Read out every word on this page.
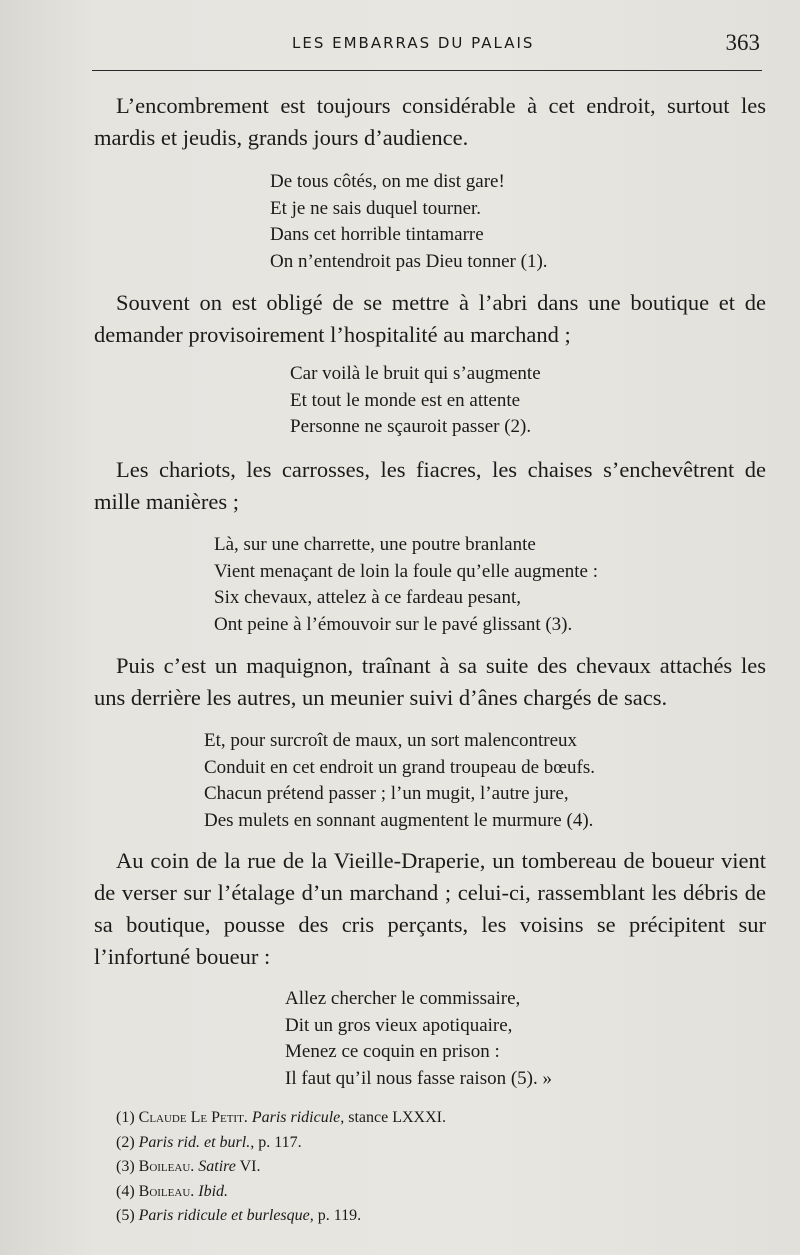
LES EMBARRAS DU PALAIS	363

L’encombrement est toujours considérable à cet endroit, surtout les mardis et jeudis, grands jours d’audience.

De tous côtés, on me dist gare!
Et je ne sais duquel tourner.
Dans cet horrible tintamarre
On n’entendroit pas Dieu tonner (1).

Souvent on est obligé de se mettre à l’abri dans une boutique et de demander provisoirement l’hospitalité au marchand ;

Car voilà le bruit qui s’augmente
Et tout le monde est en attente
Personne ne sçauroit passer (2).

Les chariots, les carrosses, les fiacres, les chaises s’enchevêtrent de mille manières ;

Là, sur une charrette, une poutre branlante
Vient menaçant de loin la foule qu’elle augmente :
Six chevaux, attelez à ce fardeau pesant,
Ont peine à l’émouvoir sur le pavé glissant (3).

Puis c’est un maquignon, traînant à sa suite des chevaux attachés les uns derrière les autres, un meunier suivi d’ânes chargés de sacs.

Et, pour surcroît de maux, un sort malencontreux
Conduit en cet endroit un grand troupeau de bœufs.
Chacun prétend passer ; l’un mugit, l’autre jure,
Des mulets en sonnant augmentent le murmure (4).

Au coin de la rue de la Vieille-Draperie, un tombereau de boueur vient de verser sur l’étalage d’un marchand ; celui-ci, rassemblant les débris de sa boutique, pousse des cris perçants, les voisins se précipitent sur l’infortuné boueur :

Allez chercher le commissaire,
Dit un gros vieux apotiquaire,
Menez ce coquin en prison :
Il faut qu’il nous fasse raison (5). »
(1) Claude Le Petit. Paris ridicule, stance LXXXI.
(2) Paris rid. et burl., p. 117.
(3) Boileau. Satire VI.
(4) Boileau. Ibid.
(5) Paris ridicule et burlesque, p. 119.
